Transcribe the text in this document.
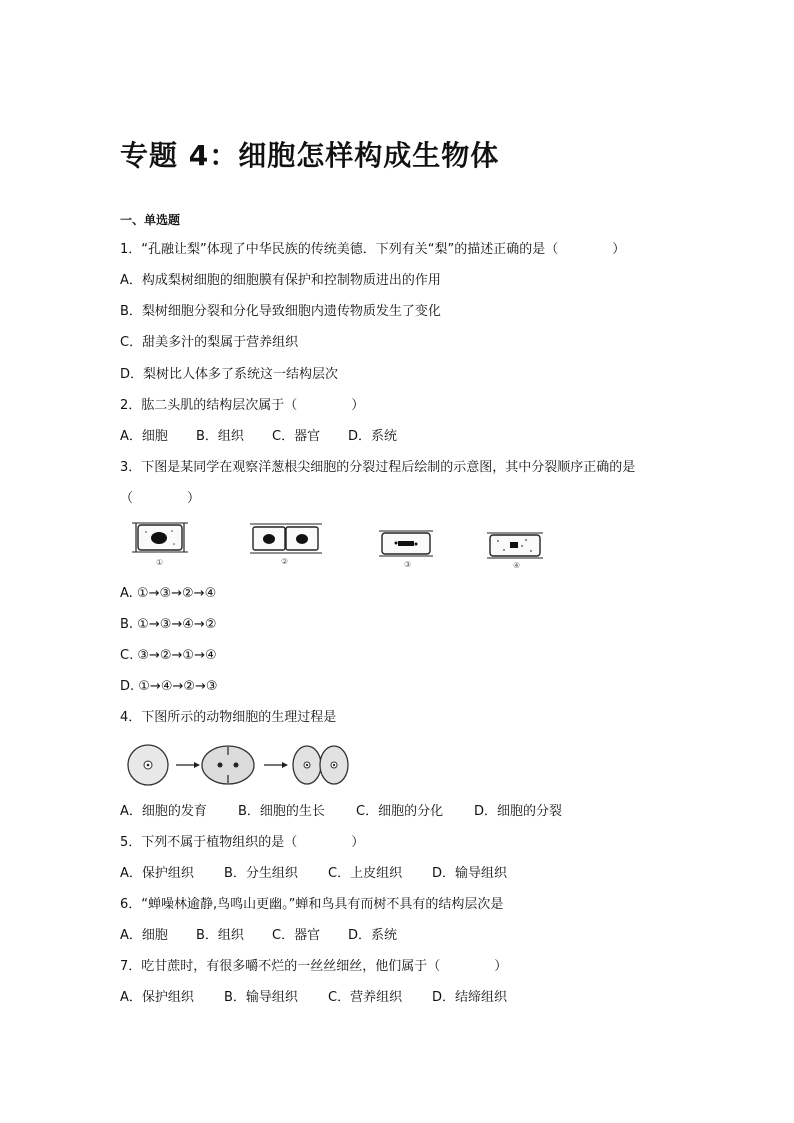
专题 4：细胞怎样构成生物体
一、单选题
1．“孔融让梨”体现了中华民族的传统美德．下列有关“梨”的描述正确的是（	）
A．构成梨树细胞的细胞膜有保护和控制物质进出的作用
B．梨树细胞分裂和分化导致细胞内遗传物质发生了变化
C．甜美多汁的梨属于营养组织
D．梨树比人体多了系统这一结构层次
2．肱二头肌的结构层次属于（	）
A．细胞 B．组织 C．器官 D．系统
3．下图是某同学在观察洋葱根尖细胞的分裂过程后绘制的示意图，其中分裂顺序正确的是
（	）
①	②	③	④
A. ①→③→②→④
B. ①→③→④→②
C. ③→②→①→④
D. ①→④→②→③
4．下图所示的动物细胞的生理过程是
A．细胞的发育 B．细胞的生长 C．细胞的分化 D．细胞的分裂
5．下列不属于植物组织的是（	）
A．保护组织 B．分生组织 C．上皮组织 D．输导组织
6．“蝉噪林逾静,鸟鸣山更幽。”蝉和鸟具有而树不具有的结构层次是
A．细胞 B．组织 C．器官 D．系统
7．吃甘蔗时，有很多嚼不烂的一丝丝细丝，他们属于（	）
A．保护组织 B．输导组织 C．营养组织 D．结缔组织
